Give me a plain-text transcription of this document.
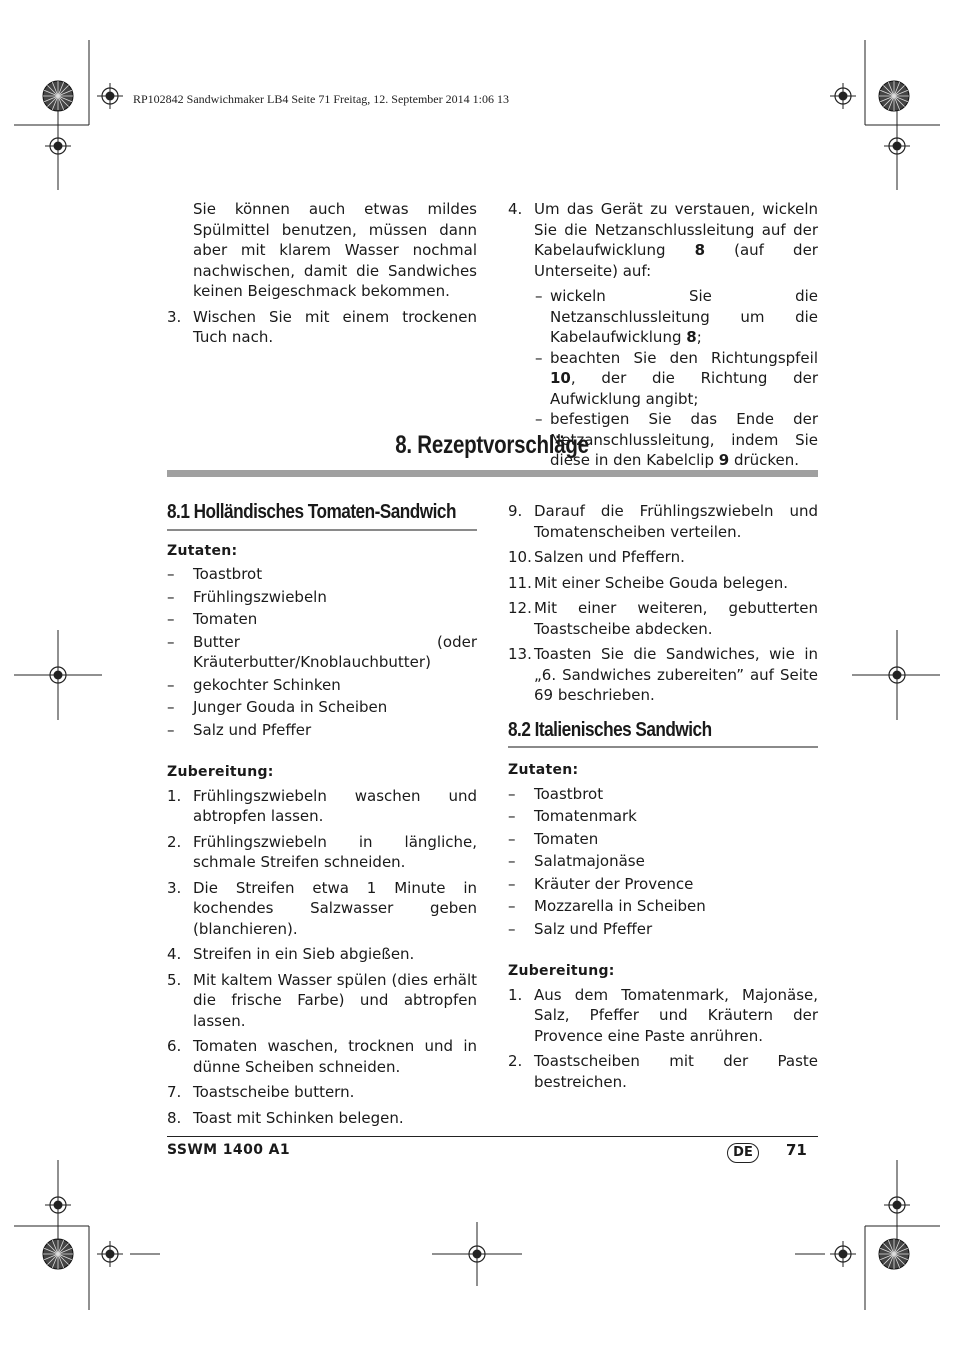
RP102842 Sandwichmaker LB4 Seite 71 Freitag, 12. September 2014 1:06 13

Sie können auch etwas mildes Spülmittel benutzen, müssen dann aber mit klarem Wasser nochmal nachwischen, damit die Sandwiches keinen Beigeschmack bekommen.

3. Wischen Sie mit einem trockenen Tuch nach.
4. Um das Gerät zu verstauen, wickeln Sie die Netzanschlussleitung auf der Kabelaufwicklung 8 (auf der Unterseite) auf:
– wickeln Sie die Netzanschlussleitung um die Kabelaufwicklung 8;
– beachten Sie den Richtungspfeil 10, der die Richtung der Aufwicklung angibt;
– befestigen Sie das Ende der Netzanschlussleitung, indem Sie diese in den Kabelclip 9 drücken.
8. Rezeptvorschläge
8.1 Holländisches Tomaten-Sandwich

Zutaten:

– Toastbrot
– Frühlingszwiebeln
– Tomaten
– Butter (oder Kräuterbutter/Knoblauchbutter)
– gekochter Schinken
– Junger Gouda in Scheiben
– Salz und Pfeffer

Zubereitung:

1. Frühlingszwiebeln waschen und abtropfen lassen.
2. Frühlingszwiebeln in längliche, schmale Streifen schneiden.
3. Die Streifen etwa 1 Minute in kochendes Salzwasser geben (blanchieren).
4. Streifen in ein Sieb abgießen.
5. Mit kaltem Wasser spülen (dies erhält die frische Farbe) und abtropfen lassen.
6. Tomaten waschen, trocknen und in dünne Scheiben schneiden.
7. Toastscheibe buttern.
8. Toast mit Schinken belegen.
9. Darauf die Frühlingszwiebeln und Tomatenscheiben verteilen.
10. Salzen und Pfeffern.
11. Mit einer Scheibe Gouda belegen.
12. Mit einer weiteren, gebutterten Toastscheibe abdecken.
13. Toasten Sie die Sandwiches, wie in „6. Sandwiches zubereiten” auf Seite 69 beschrieben.
8.2 Italienisches Sandwich

Zutaten:

– Toastbrot
– Tomatenmark
– Tomaten
– Salatmajonäse
– Kräuter der Provence
– Mozzarella in Scheiben
– Salz und Pfeffer

Zubereitung:

1. Aus dem Tomatenmark, Majonäse, Salz, Pfeffer und Kräutern der Provence eine Paste anrühren.
2. Toastscheiben mit der Paste bestreichen.
SSWM 1400 A1	DE	71
